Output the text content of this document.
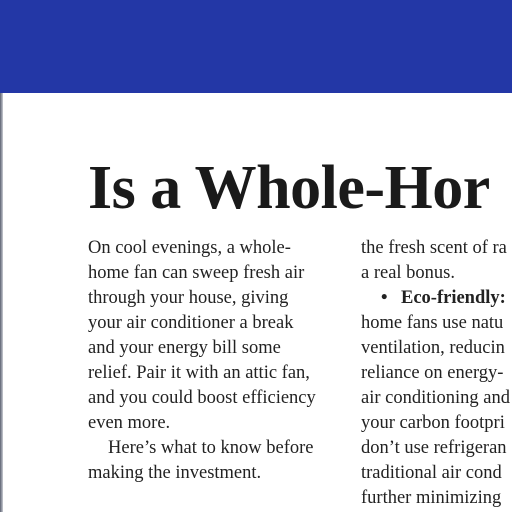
Is a Whole-Hor
On cool evenings, a whole-
home fan can sweep fresh air
through your house, giving
your air conditioner a break
and your energy bill some
relief. Pair it with an attic fan,
and you could boost efficiency
even more.
Here’s what to know before
making the investment.
the fresh scent of ra
a real bonus.
• Eco-friendly:
home fans use natu
ventilation, reducin
reliance on energy-
air conditioning and
your carbon footpri
don’t use refrigeran
traditional air cond
further minimizing
